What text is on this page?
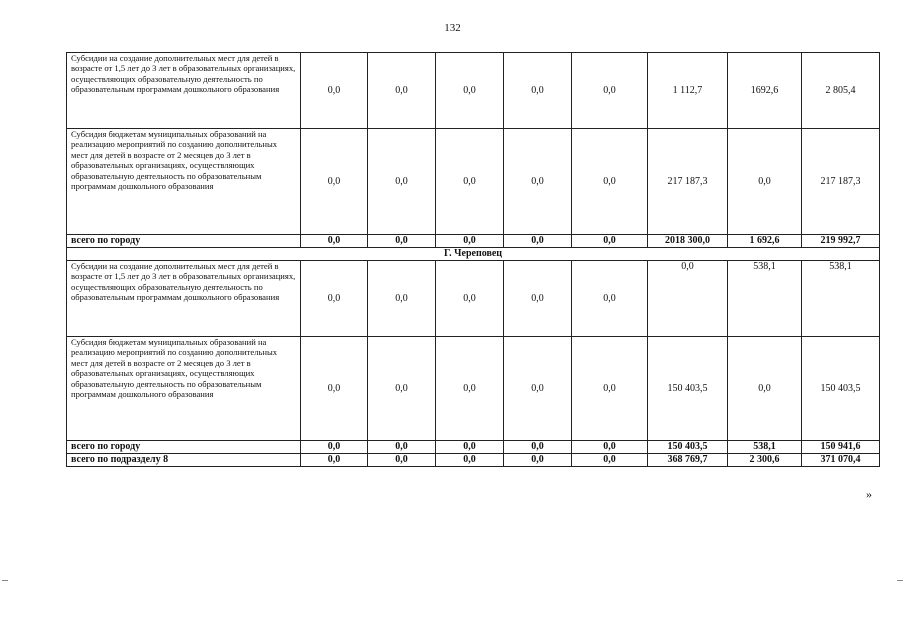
132
Субсидии на создание дополнительных мест для детей в возрасте от 1,5 лет до 3 лет в образовательных организациях, осуществляющих образовательную деятельность по образовательным программам дошкольного образования	0,0	0,0	0,0	0,0	0,0	1 112,7	1692,6	2 805,4
Субсидия бюджетам муниципальных образований на реализацию мероприятий по созданию дополнительных мест для детей в возрасте от 2 месяцев до 3 лет в образовательных организациях, осуществляющих образовательную деятельность по образовательным программам дошкольного образования	0,0	0,0	0,0	0,0	0,0	217 187,3	0,0	217 187,3
всего по городу	0,0	0,0	0,0	0,0	0,0	2018 300,0	1 692,6	219 992,7
Г. Череповец								
Субсидии на создание дополнительных мест для детей в возрасте от 1,5 лет до 3 лет в образовательных организациях, осуществляющих образовательную деятельность по образовательным программам дошкольного образования	0,0	0,0	0,0	0,0	0,0	0,0	538,1	538,1
Субсидия бюджетам муниципальных образований на реализацию мероприятий по созданию дополнительных мест для детей в возрасте от 2 месяцев до 3 лет в образовательных организациях, осуществляющих образовательную деятельность по образовательным программам дошкольного образования	0,0	0,0	0,0	0,0	0,0	150 403,5	0,0	150 403,5
всего по городу	0,0	0,0	0,0	0,0	0,0	150 403,5	538,1	150 941,6
всего по подразделу 8	0,0	0,0	0,0	0,0	0,0	368 769,7	2 300,6	371 070,4
»
